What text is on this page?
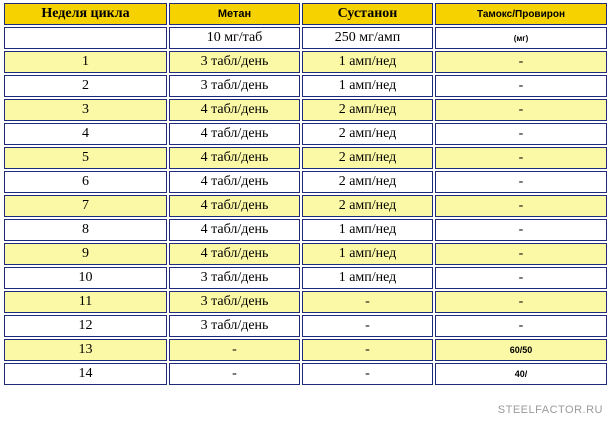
Неделя цикла	Метан	Сустанон	Тамокс/Провирон
	10 мг/таб	250 мг/амп	(мг)
1	3 табл/день	1 амп/нед	-
2	3 табл/день	1 амп/нед	-
3	4 табл/день	2 амп/нед	-
4	4 табл/день	2 амп/нед	-
5	4 табл/день	2 амп/нед	-
6	4 табл/день	2 амп/нед	-
7	4 табл/день	2 амп/нед	-
8	4 табл/день	1 амп/нед	-
9	4 табл/день	1 амп/нед	-
10	3 табл/день	1 амп/нед	-
11	3 табл/день	-	-
12	3 табл/день	-	-
13	-	-	60/50
14	-	-	40/
STEELFACTOR.RU
